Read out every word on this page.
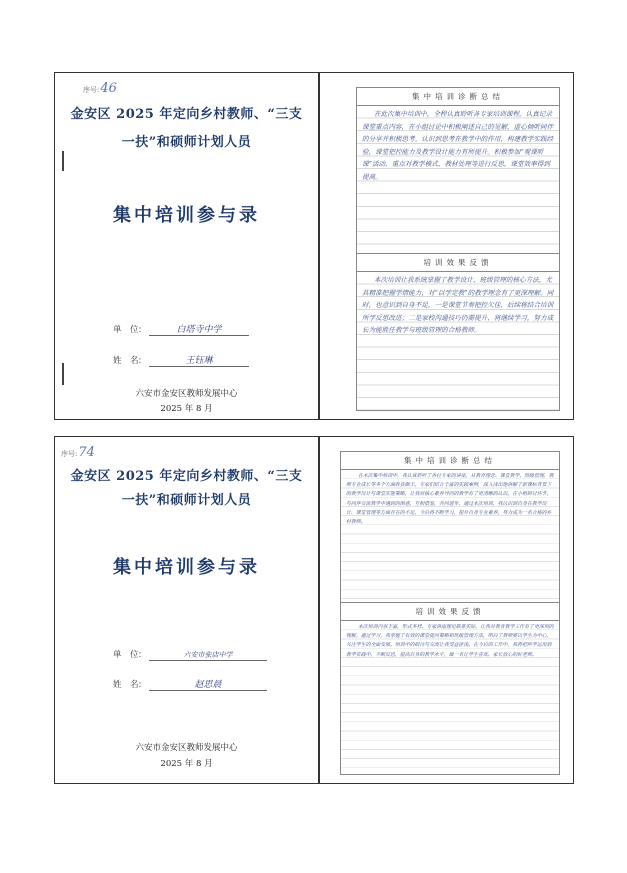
序号:46
金安区 2025 年定向乡村教师、“三支
一扶”和硕师计划人员
集中培训参与录
单　位:	白塔寺中学
姓　名:	王钰琳
六安市金安区教师发展中心
2025 年 8 月
集中培训诊断总结

在此次集中培训中，全程认真聆听各专家培训课程，认真记录课堂重点内容，在小组讨论中积极阐述自己的见解，虚心倾听同伴的分享并积极思考。认识到思考在教学中的作用，构建教学实践经验，课堂把控能力及教学设计能力有所提升。积极参加“观课听课”活动，重点对教学模式、教材处理等进行反思，课堂效率得到提高。

培训效果反馈

本次培训让我系统掌握了教学设计、班级管理的核心方法，尤其精准把握学情能力，对“以学定教”的教学理念有了更深理解。同时，也意识到自身不足，一是课堂节奏把控欠佳，后续将结合培训所学反思改进；二是家校沟通技巧仍需提升，将继续学习，努力成长为能胜任教学与班级管理的合格教师。

序号:74
金安区 2025 年定向乡村教师、“三支
一扶”和硕师计划人员
集中培训参与录
单　位:	六安市张店中学
姓　名:	赵思晨
六安市金安区教师发展中心
2025 年 8 月
集中培训诊断总结

在本次集中培训中，我认真聆听了各位专家的讲座，从教育理念、课堂教学、班级管理、教师专业成长等多个方面收获颇丰。专家们结合丰富的实践案例，深入浅出地讲解了新课标背景下的教学设计与课堂实施策略，让我对核心素养导向的教学有了更清晰的认识。在小组研讨环节，与同伴交流教学中遇到的困惑，互相借鉴，共同进步。通过本次培训，我认识到自身在教学设计、课堂管理等方面存在的不足，今后将不断学习，提升自身专业素养，努力成为一名合格的乡村教师。

培训效果反馈

本次培训内容丰富，形式多样。专家讲座理论联系实际，让我对教育教学工作有了更深刻的理解。通过学习，我掌握了有效的课堂提问策略和班级管理方法，明白了教师要以学生为中心，关注学生的全面发展。培训中的研讨与交流让我受益匪浅。在今后的工作中，我将把所学运用到教学实践中，不断反思，提高自身的教学水平，做一名让学生喜欢、家长放心的好老师。
